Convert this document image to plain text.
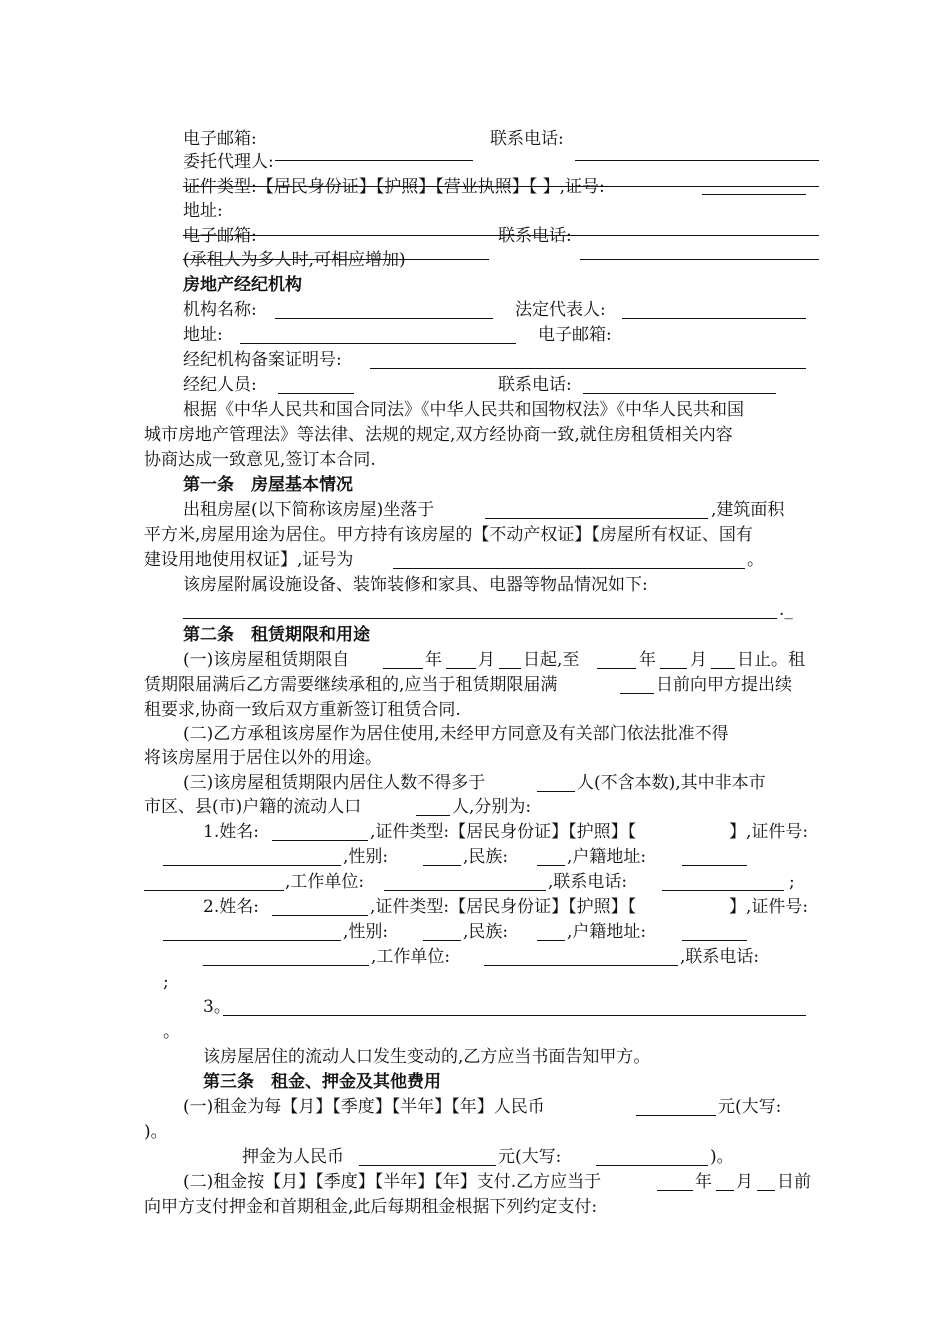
电子邮箱:	联系电话:
委托代理人:
证件类型:【居民身份证】【护照】【营业执照】【 】,证号:
地址:
电子邮箱:	联系电话:
(承租人为多人时,可相应增加)
房地产经纪机构
机构名称:	法定代表人:
地址:	电子邮箱:
经纪机构备案证明号:
经纪人员:	联系电话:
根据《中华人民共和国合同法》《中华人民共和国物权法》《中华人民共和国
城市房地产管理法》等法律、法规的规定,双方经协商一致,就住房租赁相关内容
协商达成一致意见,签订本合同.
第一条　房屋基本情况
出租房屋(以下简称该房屋)坐落于	,建筑面积
平方米,房屋用途为居住。甲方持有该房屋的【不动产权证】【房屋所有权证、国有
建设用地使用权证】,证号为	。
该房屋附属设施设备、装饰装修和家具、电器等物品情况如下:
._
第二条　租赁期限和用途
(一)该房屋租赁期限自	年 月 日起,至	年 月 日止。租
赁期限届满后乙方需要继续承租的,应当于租赁期限届满	日前向甲方提出续
租要求,协商一致后双方重新签订租赁合同.
(二)乙方承租该房屋作为居住使用,未经甲方同意及有关部门依法批准不得
将该房屋用于居住以外的用途。
(三)该房屋租赁期限内居住人数不得多于	人(不含本数),其中非本市
市区、县(市)户籍的流动人口	人,分别为:
1.姓名:	,证件类型:【居民身份证】【护照】【	】,证件号:
,性别:	,民族:	,户籍地址:
,工作单位:	,联系电话:	;
2.姓名:	,证件类型:【居民身份证】【护照】【	】,证件号:
,性别:	,民族:	,户籍地址:
,工作单位:	,联系电话:
;
3。
。
该房屋居住的流动人口发生变动的,乙方应当书面告知甲方。
第三条　租金、押金及其他费用
(一)租金为每【月】【季度】【半年】【年】人民币	元(大写:
)。
押金为人民币	元(大写:	)。
(二)租金按【月】【季度】【半年】【年】支付.乙方应当于	年 月 日前
向甲方支付押金和首期租金,此后每期租金根据下列约定支付:
